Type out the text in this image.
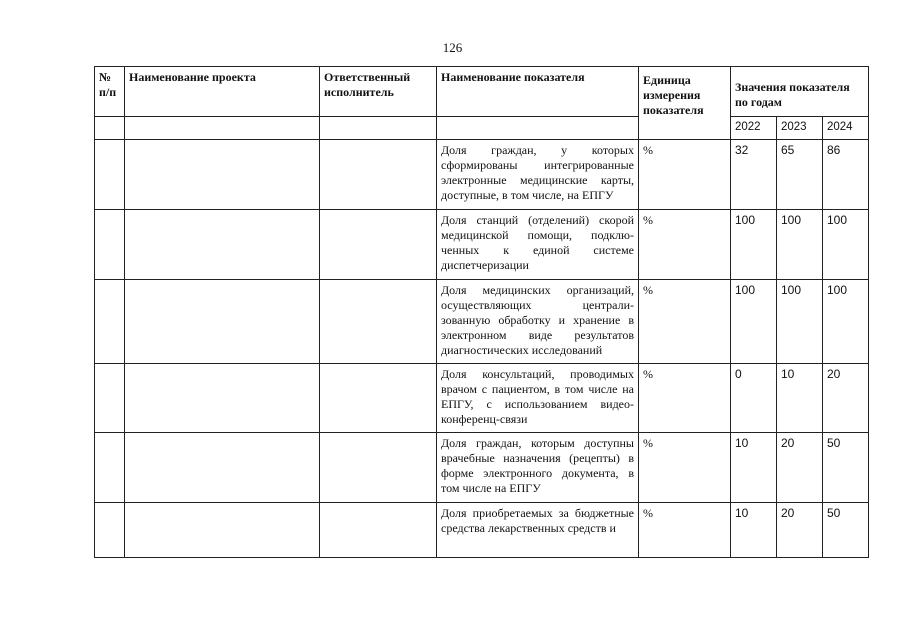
126
№ п/п	Наименование проекта	Ответственный исполнитель	Наименование показателя	Единица измерения показателя	Значения показателя по годам		
					2022	2023	2024
			Доля граждан, у которых сформированы интегрированные электронные медицинские карты, доступные, в том числе, на ЕПГУ	%	32	65	86
			Доля станций (отделений) скорой медицинской помощи, подклю-ченных к единой системе диспетчеризации	%	100	100	100
			Доля медицинских организаций, осуществляющих централи-зованную обработку и хранение в электронном виде результатов диагностических исследований	%	100	100	100
			Доля консультаций, проводимых врачом с пациентом, в том числе на ЕПГУ, с использованием видео-конференц-связи	%	0	10	20
			Доля граждан, которым доступны врачебные назначения (рецепты) в форме электронного документа, в том числе на ЕПГУ	%	10	20	50
			Доля приобретаемых за бюджетные средства лекарственных средств и	%	10	20	50
